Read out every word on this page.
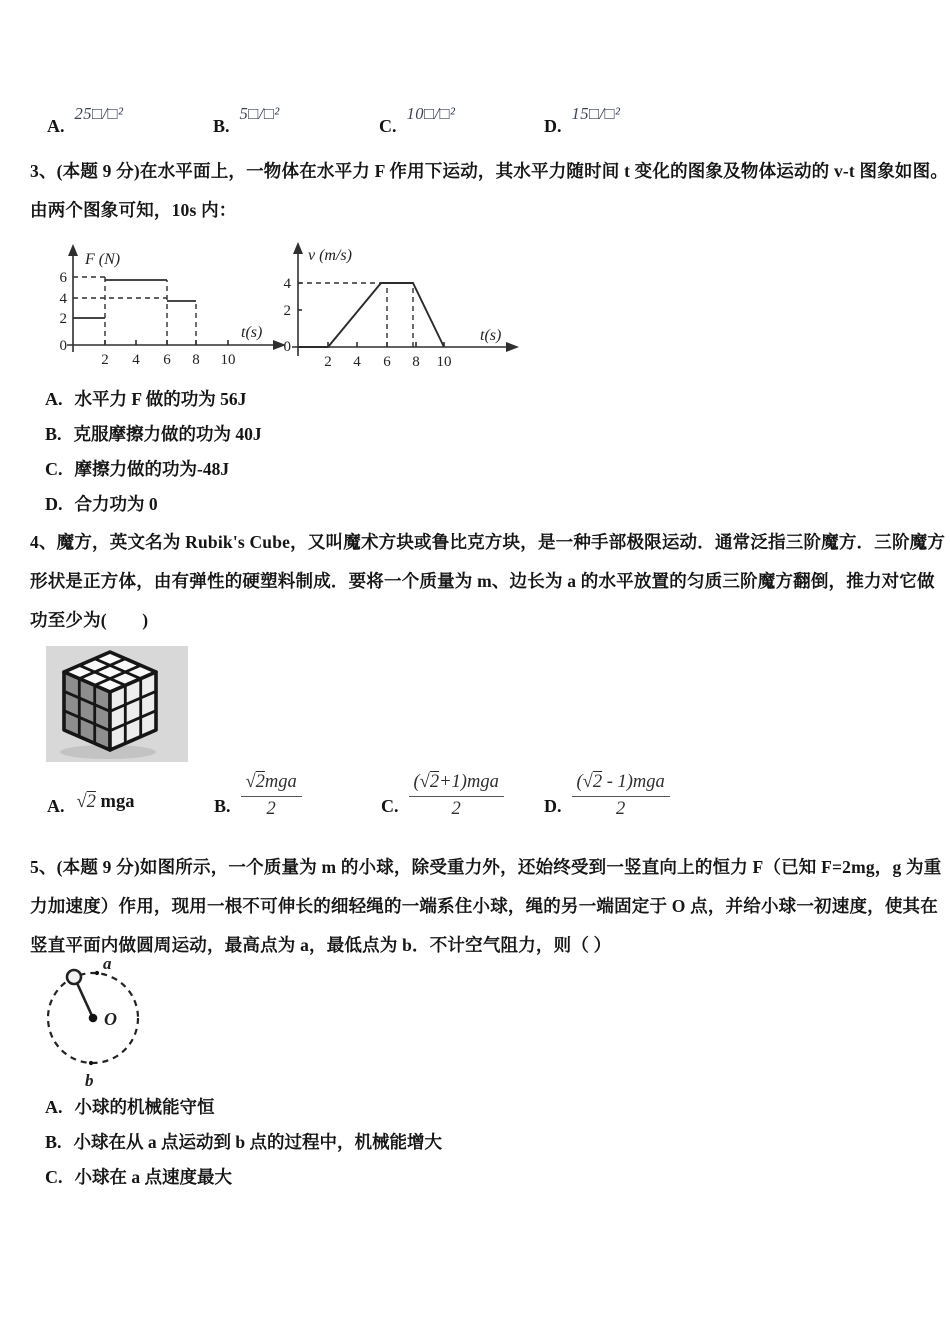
A.
25□/□²
B.
5□/□²
C.
10□/□²
D.
15□/□²
3、(本题 9 分)在水平面上，一物体在水平力 F 作用下运动，其水平力随时间 t 变化的图象及物体运动的 v-t 图象如图。
由两个图象可知，10s 内：
6
4
2
0
2 4 6 8 10
F (N)
t(s)
4
2
0
2 4 6 8 10
v (m/s)
t(s)
A. 水平力 F 做的功为 56J
B. 克服摩擦力做的功为 40J
C. 摩擦力做的功为-48J
D. 合力功为 0
4、魔方，英文名为 Rubik's Cube，又叫魔术方块或鲁比克方块，是一种手部极限运动．通常泛指三阶魔方．三阶魔方
形状是正方体，由有弹性的硬塑料制成．要将一个质量为 m、边长为 a 的水平放置的匀质三阶魔方翻倒，推力对它做
功至少为(　　)
A. √2 mga	B. $\frac{\text{√2mga}}{2}$	C. $\frac{\text{(√2+1)mga}}{2} D$. $\frac{\text{(√2 - 1)mga}}{2}$
5、(本题 9 分)如图所示，一个质量为 m 的小球，除受重力外，还始终受到一竖直向上的恒力 F（已知 F=2mg，g 为重
力加速度）作用，现用一根不可伸长的细轻绳的一端系住小球，绳的另一端固定于 O 点，并给小球一初速度，使其在
竖直平面内做圆周运动，最高点为 a，最低点为 b．不计空气阻力，则（ ）
O
a
b
A. 小球的机械能守恒
B. 小球在从 a 点运动到 b 点的过程中，机械能增大
C. 小球在 a 点速度最大
